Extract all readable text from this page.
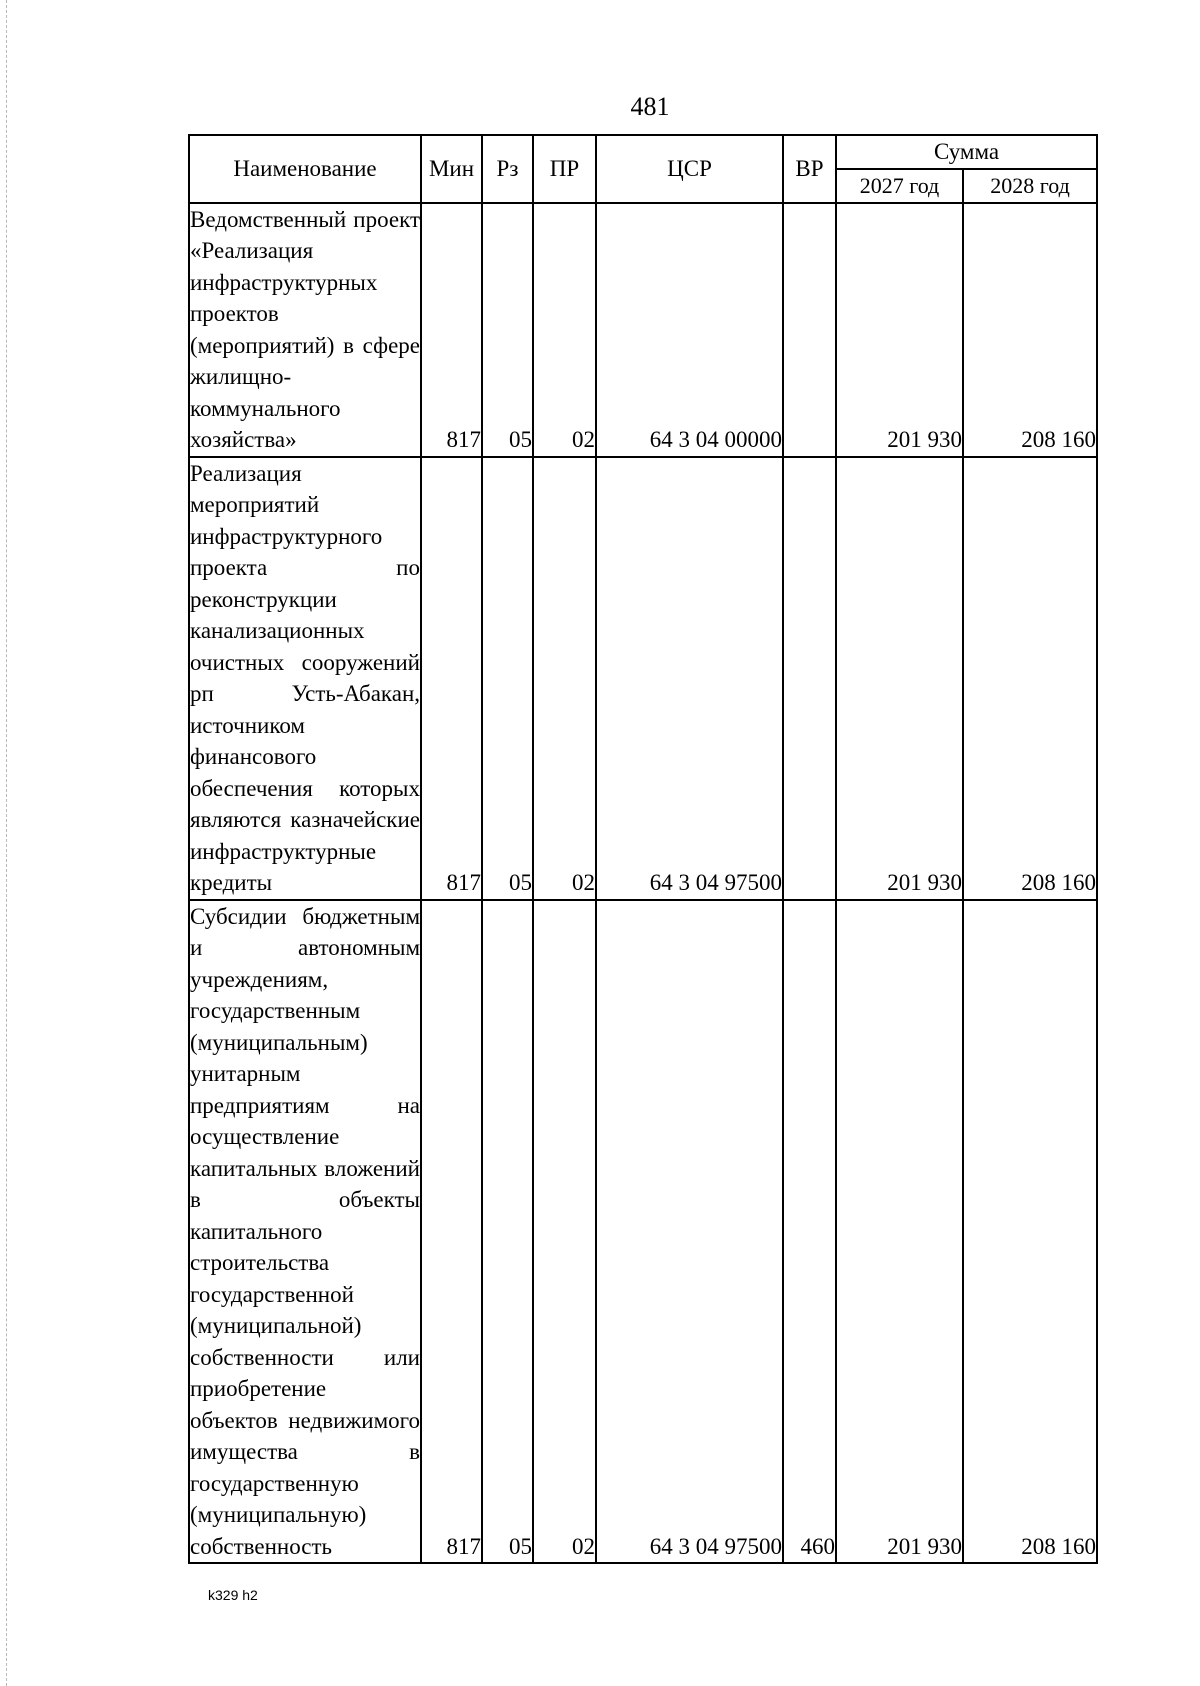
481
Наименование	Мин	Рз	ПР	ЦСР	ВР	Сумма	
						2027 год	2028 год
Ведомственный проект «Реализация инфраструктурных проектов (мероприятий) в сфере жилищно-коммунального хозяйства»	817	05	02	64 3 04 00000		201 930	208 160
Реализация мероприятий инфраструктурного проекта по реконструкции канализационных очистных сооружений рп Усть-Абакан, источником финансового обеспечения которых являются казначейские инфраструктурные кредиты	817	05	02	64 3 04 97500		201 930	208 160
Субсидии бюджетным и автономным учреждениям, государственным (муниципальным) унитарным предприятиям на осуществление капитальных вложений в объекты капитального строительства государственной (муниципальной) собственности или приобретение объектов недвижимого имущества в государственную (муниципальную) собственность	817	05	02	64 3 04 97500	460	201 930	208 160
k329 h2
